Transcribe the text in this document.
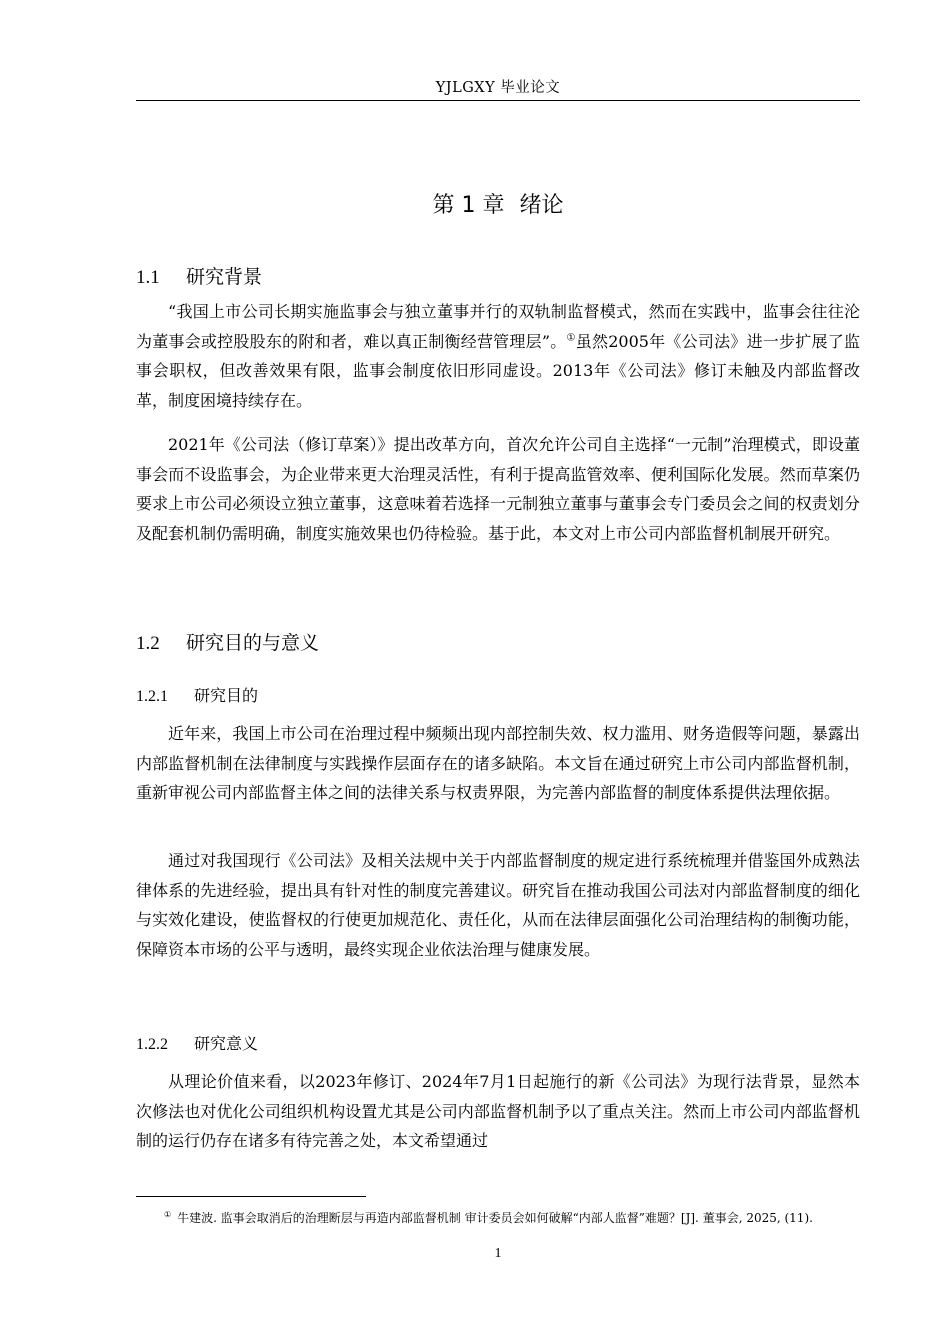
YJLGXY 毕业论文
第 1 章 绪论
1.1 研究背景

“我国上市公司长期实施监事会与独立董事并行的双轨制监督模式，然而在实践中，监事会往往沦为董事会或控股股东的附和者，难以真正制衡经营管理层”。①虽然2005年《公司法》进一步扩展了监事会职权，但改善效果有限，监事会制度依旧形同虚设。2013年《公司法》修订未触及内部监督改革，制度困境持续存在。

2021年《公司法（修订草案）》提出改革方向，首次允许公司自主选择“一元制”治理模式，即设董事会而不设监事会，为企业带来更大治理灵活性，有利于提高监管效率、便利国际化发展。然而草案仍要求上市公司必须设立独立董事，这意味着若选择一元制独立董事与董事会专门委员会之间的权责划分及配套机制仍需明确，制度实施效果也仍待检验。基于此，本文对上市公司内部监督机制展开研究。

1.2 研究目的与意义
1.2.1 研究目的

近年来，我国上市公司在治理过程中频频出现内部控制失效、权力滥用、财务造假等问题，暴露出内部监督机制在法律制度与实践操作层面存在的诸多缺陷。本文旨在通过研究上市公司内部监督机制，重新审视公司内部监督主体之间的法律关系与权责界限，为完善内部监督的制度体系提供法理依据。

通过对我国现行《公司法》及相关法规中关于内部监督制度的规定进行系统梳理并借鉴国外成熟法律体系的先进经验，提出具有针对性的制度完善建议。研究旨在推动我国公司法对内部监督制度的细化与实效化建设，使监督权的行使更加规范化、责任化，从而在法律层面强化公司治理结构的制衡功能，保障资本市场的公平与透明，最终实现企业依法治理与健康发展。

1.2.2 研究意义

从理论价值来看，以2023年修订、2024年7月1日起施行的新《公司法》为现行法背景，显然本次修法也对优化公司组织机构设置尤其是公司内部监督机制予以了重点关注。然而上市公司内部监督机制的运行仍存在诸多有待完善之处，本文希望通过

① 牛建波. 监事会取消后的治理断层与再造内部监督机制 审计委员会如何破解“内部人监督”难题？[J]. 董事会, 2025, (11).

1
